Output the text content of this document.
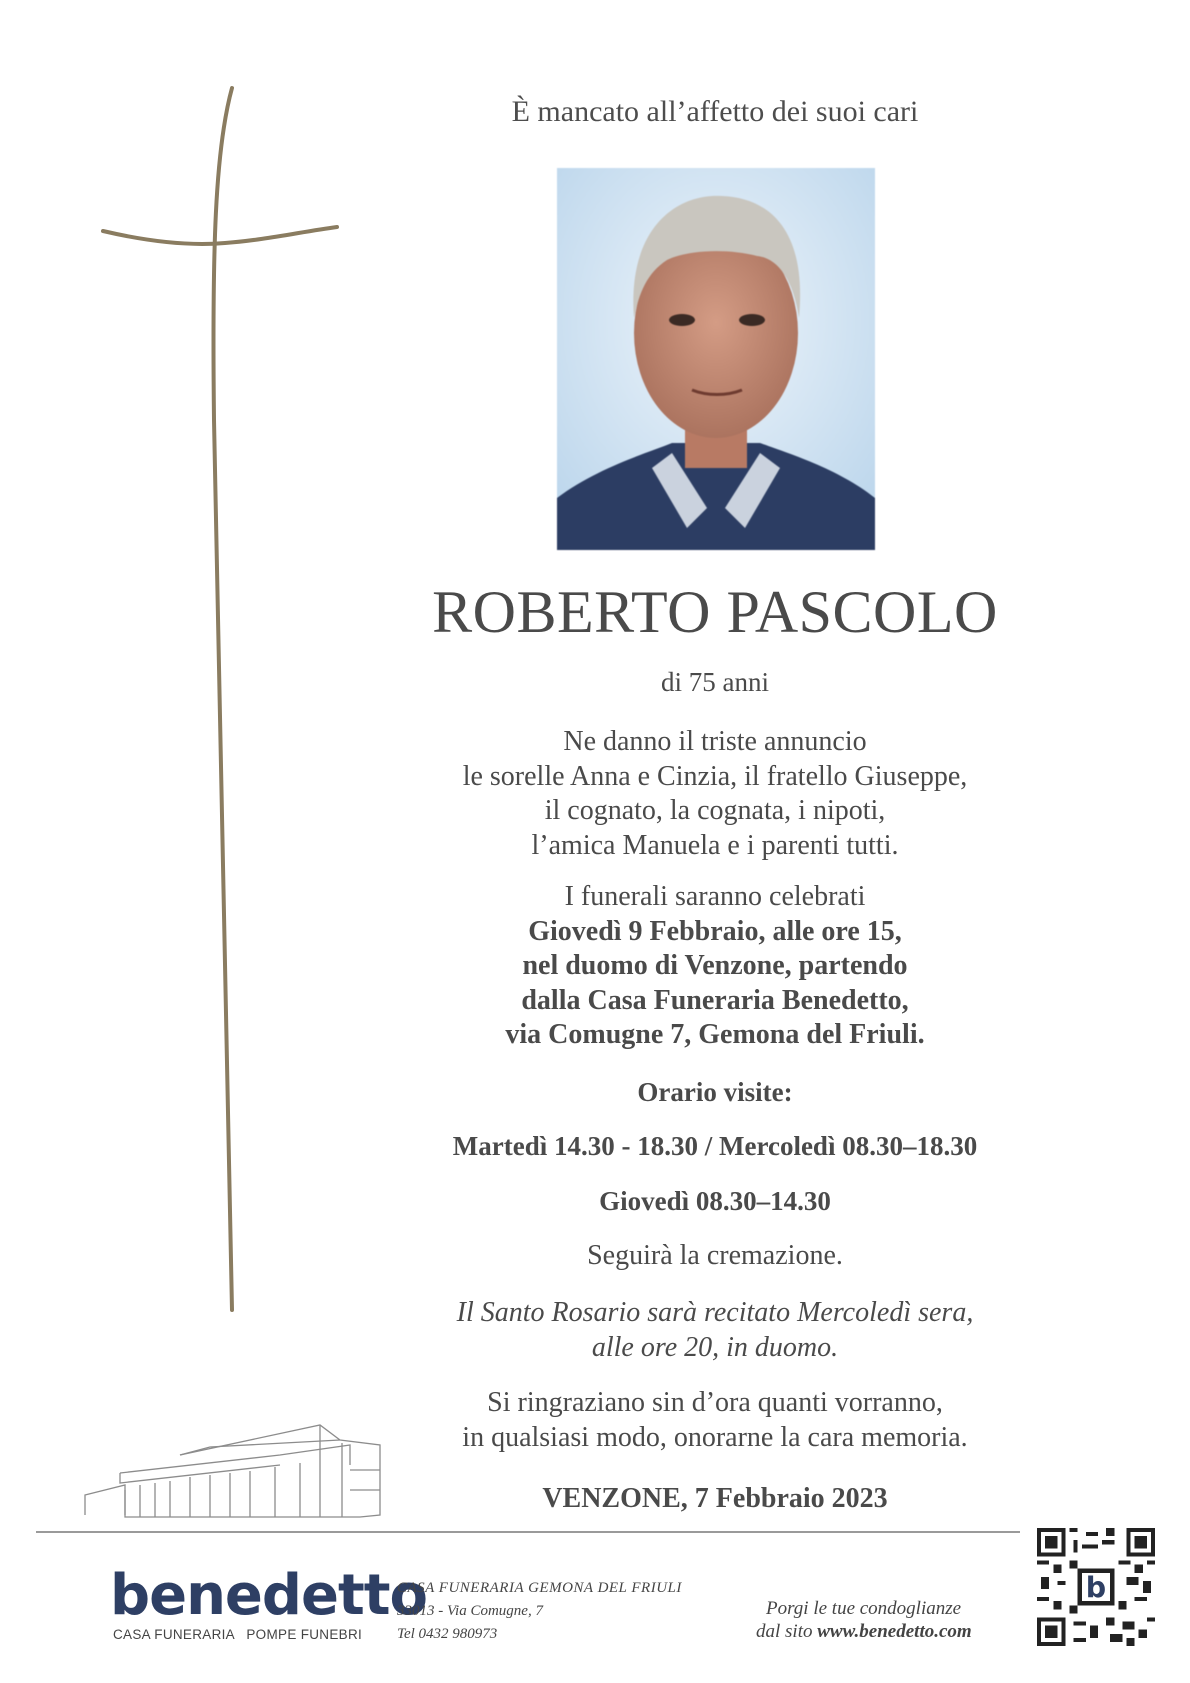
È mancato all’affetto dei suoi cari
ROBERTO PASCOLO
di 75 anni
Ne danno il triste annuncio
le sorelle Anna e Cinzia, il fratello Giuseppe,
il cognato, la cognata, i nipoti,
l’amica Manuela e i parenti tutti.
I funerali saranno celebrati
Giovedì 9 Febbraio, alle ore 15,
nel duomo di Venzone, partendo
dalla Casa Funeraria Benedetto,
via Comugne 7, Gemona del Friuli.
Orario visite:
Martedì 14.30 - 18.30 / Mercoledì 08.30–18.30
Giovedì 08.30–14.30
Seguirà la cremazione.
Il Santo Rosario sarà recitato Mercoledì sera,
alle ore 20, in duomo.
Si ringraziano sin d’ora quanti vorranno,
in qualsiasi modo, onorarne la cara memoria.
VENZONE, 7 Febbraio 2023
benedetto
CASA FUNERARIA   POMPE FUNEBRI
CASA FUNERARIA GEMONA DEL FRIULI
33013 - Via Comugne, 7
Tel 0432 980973
Porgi le tue condoglianze
dal sito www.benedetto.com
b
